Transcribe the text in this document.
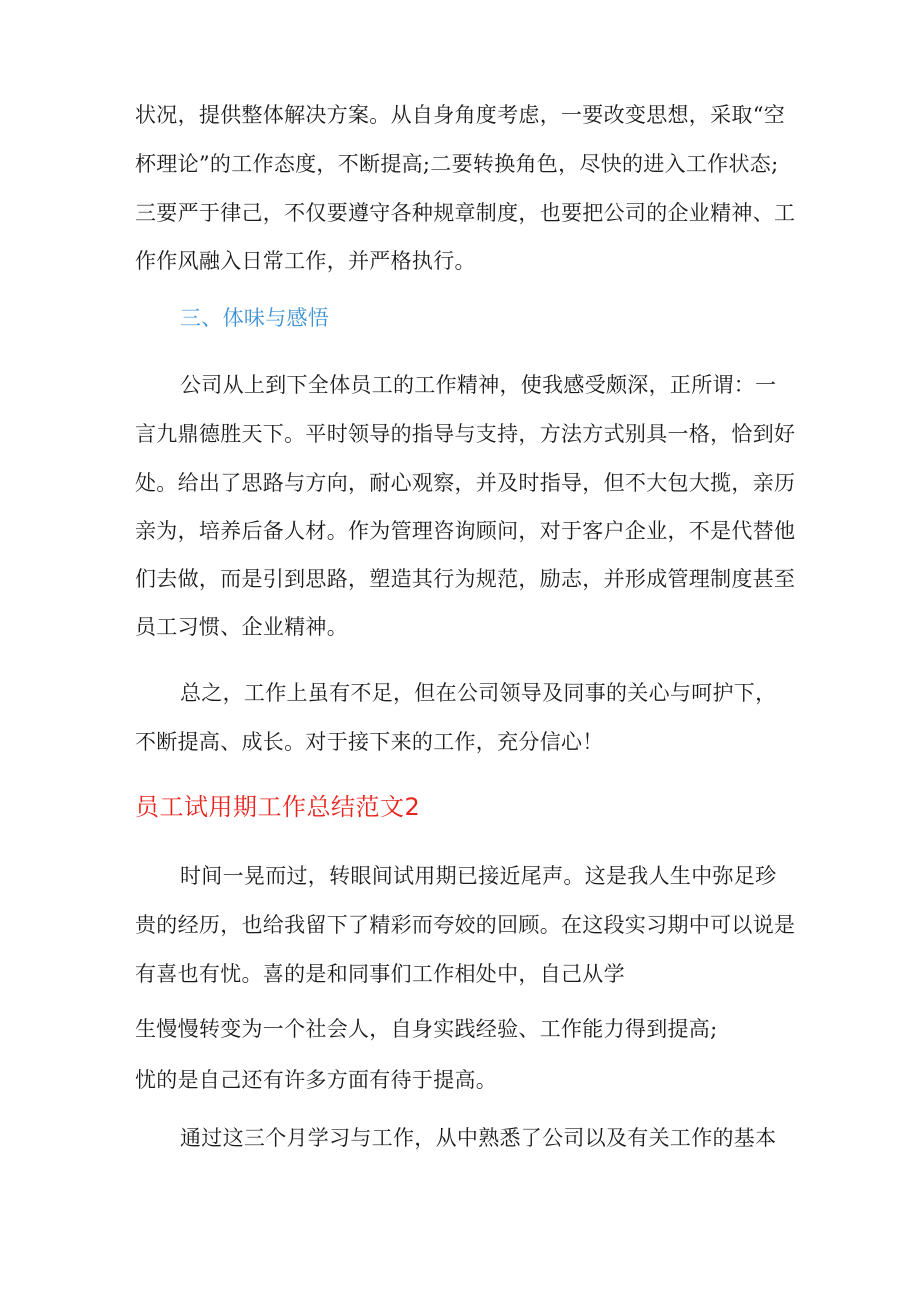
状况，提供整体解决方案。从自身角度考虑，一要改变思想，采取“空
杯理论”的工作态度，不断提高;二要转换角色，尽快的进入工作状态;
三要严于律己，不仅要遵守各种规章制度，也要把公司的企业精神、工
作作风融入日常工作，并严格执行。
三、体味与感悟
公司从上到下全体员工的工作精神，使我感受颇深，正所谓：一
言九鼎德胜天下。平时领导的指导与支持，方法方式别具一格，恰到好
处。给出了思路与方向，耐心观察，并及时指导，但不大包大揽，亲历
亲为，培养后备人材。作为管理咨询顾问，对于客户企业，不是代替他
们去做，而是引到思路，塑造其行为规范，励志，并形成管理制度甚至
员工习惯、企业精神。
总之，工作上虽有不足，但在公司领导及同事的关心与呵护下，
不断提高、成长。对于接下来的工作，充分信心！
员工试用期工作总结范文2
时间一晃而过，转眼间试用期已接近尾声。这是我人生中弥足珍
贵的经历，也给我留下了精彩而夸姣的回顾。在这段实习期中可以说是
有喜也有忧。喜的是和同事们工作相处中，自己从学
生慢慢转变为一个社会人，自身实践经验、工作能力得到提高;
忧的是自己还有许多方面有待于提高。
通过这三个月学习与工作，从中熟悉了公司以及有关工作的基本
